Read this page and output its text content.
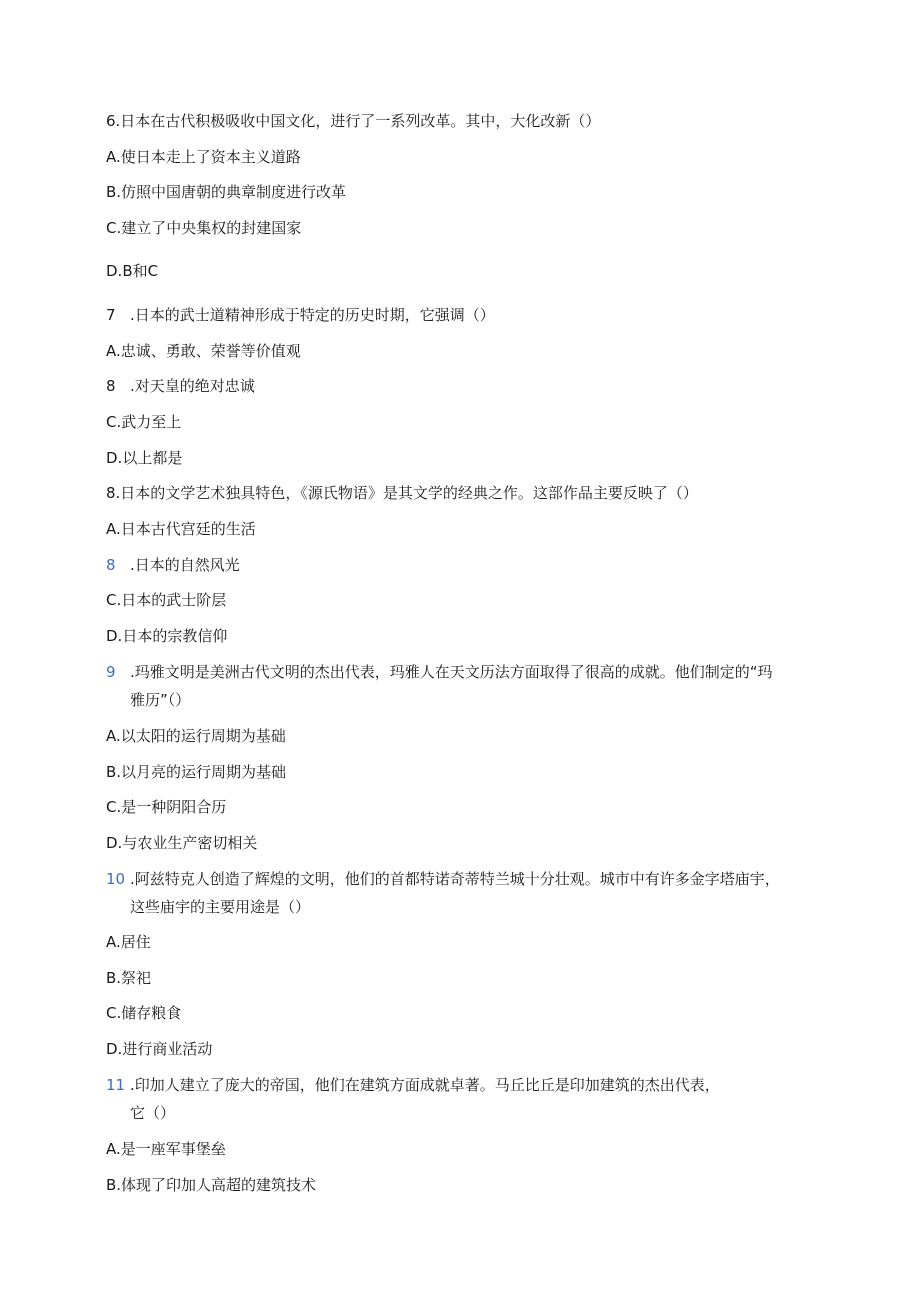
6.日本在古代积极吸收中国文化，进行了一系列改革。其中，大化改新（）

A.使日本走上了资本主义道路

B.仿照中国唐朝的典章制度进行改革

C.建立了中央集权的封建国家

D.B和C

7 .日本的武士道精神形成于特定的历史时期，它强调（）

A.忠诚、勇敢、荣誉等价值观

8 .对天皇的绝对忠诚

C.武力至上

D.以上都是

8.日本的文学艺术独具特色，《源氏物语》是其文学的经典之作。这部作品主要反映了（）

A.日本古代宫廷的生活

8 .日本的自然风光

C.日本的武士阶层

D.日本的宗教信仰

9 .玛雅文明是美洲古代文明的杰出代表，玛雅人在天文历法方面取得了很高的成就。他们制定的“玛

雅历”（）

A.以太阳的运行周期为基础

B.以月亮的运行周期为基础

C.是一种阴阳合历

D.与农业生产密切相关

10 .阿兹特克人创造了辉煌的文明，他们的首都特诺奇蒂特兰城十分壮观。城市中有许多金字塔庙宇，

这些庙宇的主要用途是（）

A.居住

B.祭祀

C.储存粮食

D.进行商业活动

11 .印加人建立了庞大的帝国，他们在建筑方面成就卓著。马丘比丘是印加建筑的杰出代表，

它（）

A.是一座军事堡垒

B.体现了印加人高超的建筑技术
